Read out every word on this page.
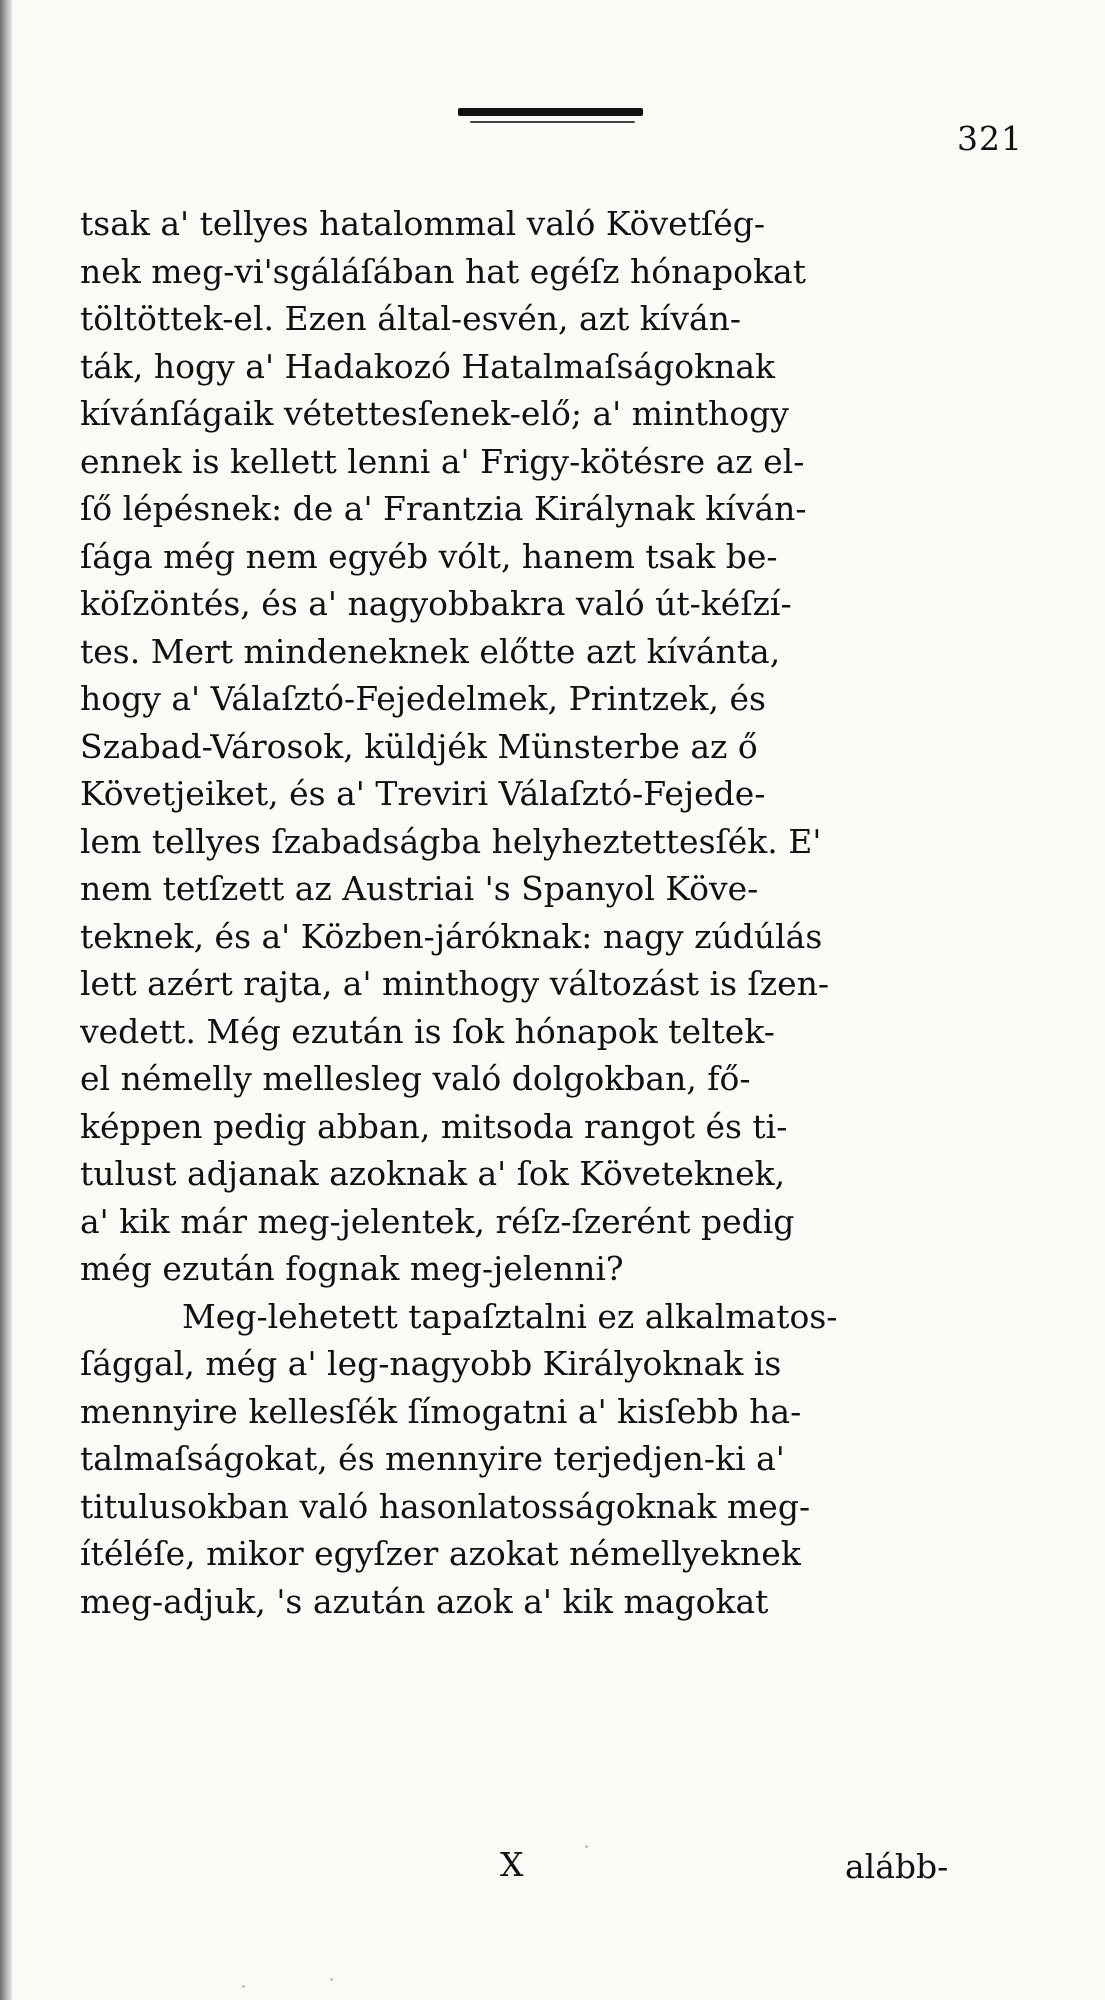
321
tsak a' tellyes hatalommal való Követſég-
nek meg-vi'sgáláſában hat egéſz hónapokat
töltöttek-el. Ezen által-esvén, azt kíván-
ták, hogy a' Hadakozó Hatalmaſságoknak
kívánſágaik vétettesſenek-elő; a' minthogy
ennek is kellett lenni a' Frigy-kötésre az el-
ſő lépésnek: de a' Frantzia Királynak kíván-
ſága még nem egyéb vólt, hanem tsak be-
köſzöntés, és a' nagyobbakra való út-kéſzí-
tes. Mert mindeneknek előtte azt kívánta,
hogy a' Válaſztó-Fejedelmek, Printzek, és
Szabad-Városok, küldjék Münsterbe az ő
Követjeiket, és a' Treviri Válaſztó-Fejede-
lem tellyes ſzabadságba helyheztettesſék. E'
nem tetſzett az Austriai 's Spanyol Köve-
teknek, és a' Közben-járóknak: nagy zúdúlás
lett azért rajta, a' minthogy változást is ſzen-
vedett. Még ezután is ſok hónapok teltek-
el némelly mellesleg való dolgokban, fő-
képpen pedig abban, mitsoda rangot és ti-
tulust adjanak azoknak a' ſok Követeknek,
a' kik már meg-jelentek, réſz-ſzerént pedig
még ezután fognak meg-jelenni?
Meg-lehetett tapaſztalni ez alkalmatos-
ſággal, még a' leg-nagyobb Királyoknak is
mennyire kellesſék ſímogatni a' kisſebb ha-
talmaſságokat, és mennyire terjedjen-ki a'
titulusokban való hasonlatosságoknak meg-
ítéléſe, mikor egyſzer azokat némellyeknek
meg-adjuk, 's azután azok a' kik magokat
X	alább-
